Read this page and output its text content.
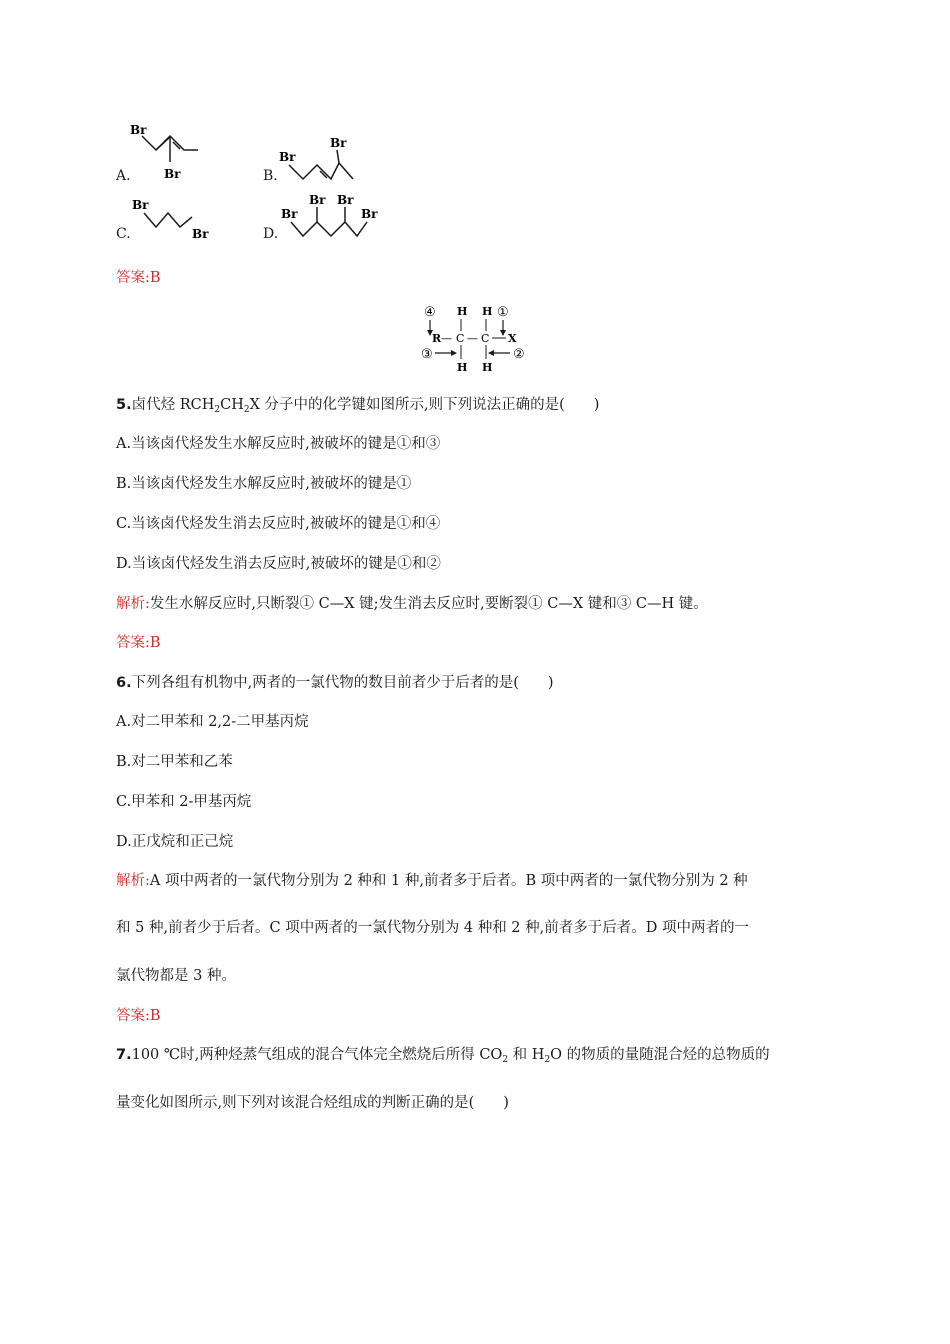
A.
Br
Br	B.
Br
Br
C.
Br
Br	D.
Br
Br Br
Br
答案:B
④ H H ①
R — C — C X
③	②
H H
5.卤代烃 $RCH_2CH_2X$ 分子中的化学键如图所示,则下列说法正确的是(　　)
A.当该卤代烃发生水解反应时,被破坏的键是①和③
B.当该卤代烃发生水解反应时,被破坏的键是①
C.当该卤代烃发生消去反应时,被破坏的键是①和④
D.当该卤代烃发生消去反应时,被破坏的键是①和②
解析:发生水解反应时,只断裂① C—X 键;发生消去反应时,要断裂① C—X 键和③ C—H 键。
答案:B
6.下列各组有机物中,两者的一氯代物的数目前者少于后者的是(　　)
A.对二甲苯和 2,2-二甲基丙烷
B.对二甲苯和乙苯
C.甲苯和 2-甲基丙烷
D.正戊烷和正己烷
解析:A 项中两者的一氯代物分别为 2 种和 1 种,前者多于后者。B 项中两者的一氯代物分别为 2 种
和 5 种,前者少于后者。C 项中两者的一氯代物分别为 4 种和 2 种,前者多于后者。D 项中两者的一
氯代物都是 3 种。
答案:B
7.100 ℃时,两种烃蒸气组成的混合气体完全燃烧后所得 $CO_2$ 和 $H_2O$ 的物质的量随混合烃的总物质的
量变化如图所示,则下列对该混合烃组成的判断正确的是(　　)
